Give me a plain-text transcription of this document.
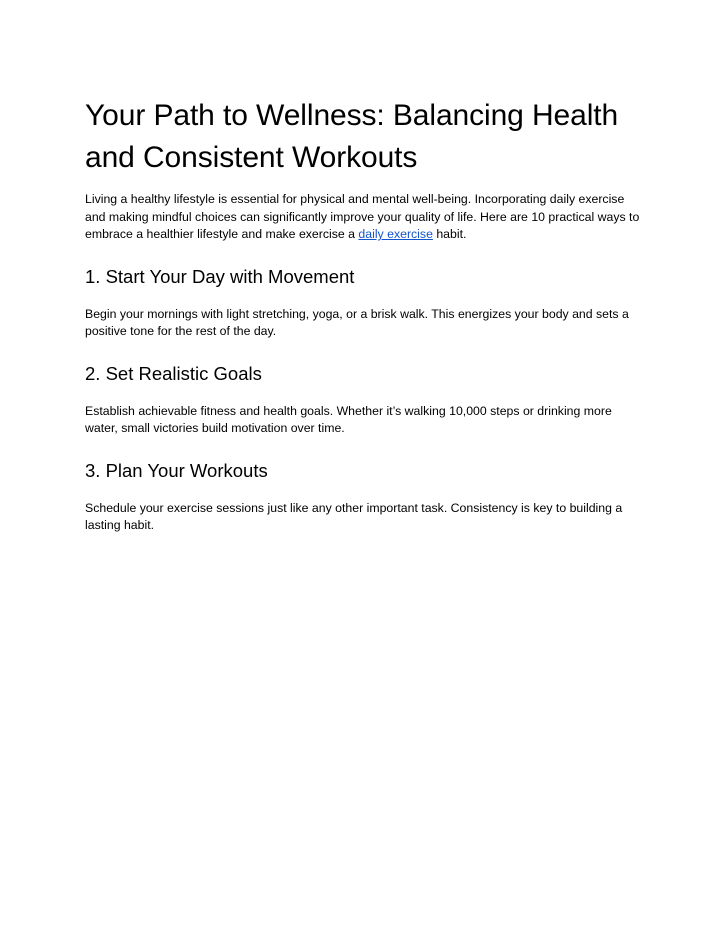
Your Path to Wellness: Balancing Health and Consistent Workouts

Living a healthy lifestyle is essential for physical and mental well-being. Incorporating daily exercise and making mindful choices can significantly improve your quality of life. Here are 10 practical ways to embrace a healthier lifestyle and make exercise a daily exercise habit.

1. Start Your Day with Movement

Begin your mornings with light stretching, yoga, or a brisk walk. This energizes your body and sets a positive tone for the rest of the day.

2. Set Realistic Goals

Establish achievable fitness and health goals. Whether it’s walking 10,000 steps or drinking more water, small victories build motivation over time.

3. Plan Your Workouts

Schedule your exercise sessions just like any other important task. Consistency is key to building a lasting habit.
